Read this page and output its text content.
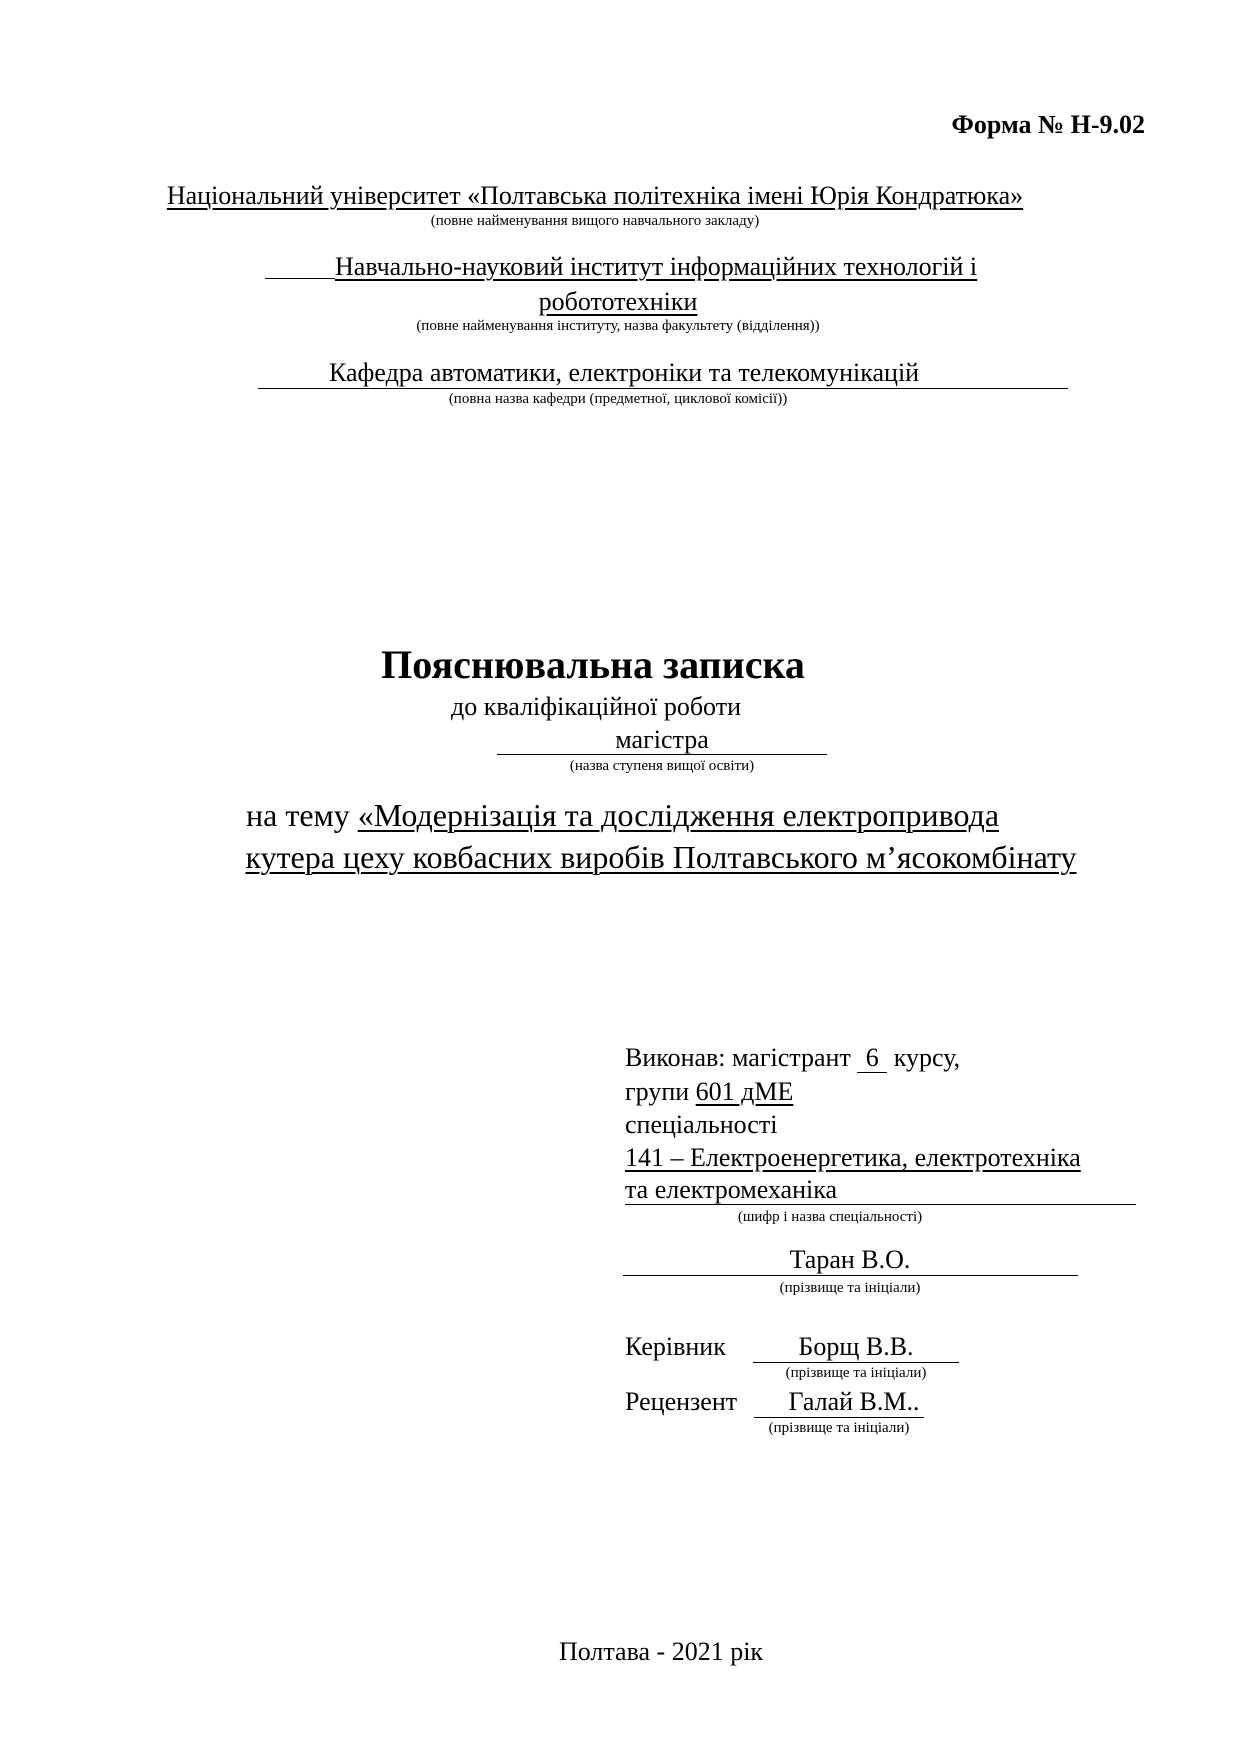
Форма № Н-9.02
Національний університет «Полтавська політехніка імені Юрія Кондратюка»
(повне найменування вищого навчального закладу)
Навчально-науковий інститут інформаційних технологій і
робототехніки
(повне найменування інституту, назва факультету (відділення))
Кафедра автоматики, електроніки та телекомунікацій
(повна назва кафедри (предметної, циклової комісії))
Пояснювальна записка
до кваліфікаційної роботи
магістра
(назва ступеня вищої освіти)
на тему «Модернізація та дослідження електропривода
кутера цеху ковбасних виробів Полтавського м’ясокомбінату
Виконав: магістрант 6 курсу,
групи 601 дМЕ
спеціальності
141 – Електроенергетика, електротехніка
та електромеханіка
(шифр і назва спеціальності)
Таран В.О.
(прізвище та ініціали)
Керівник	Борщ В.В.
(прізвище та ініціали)
Рецензент	Галай В.М..
(прізвище та ініціали)
Полтава - 2021 рік
